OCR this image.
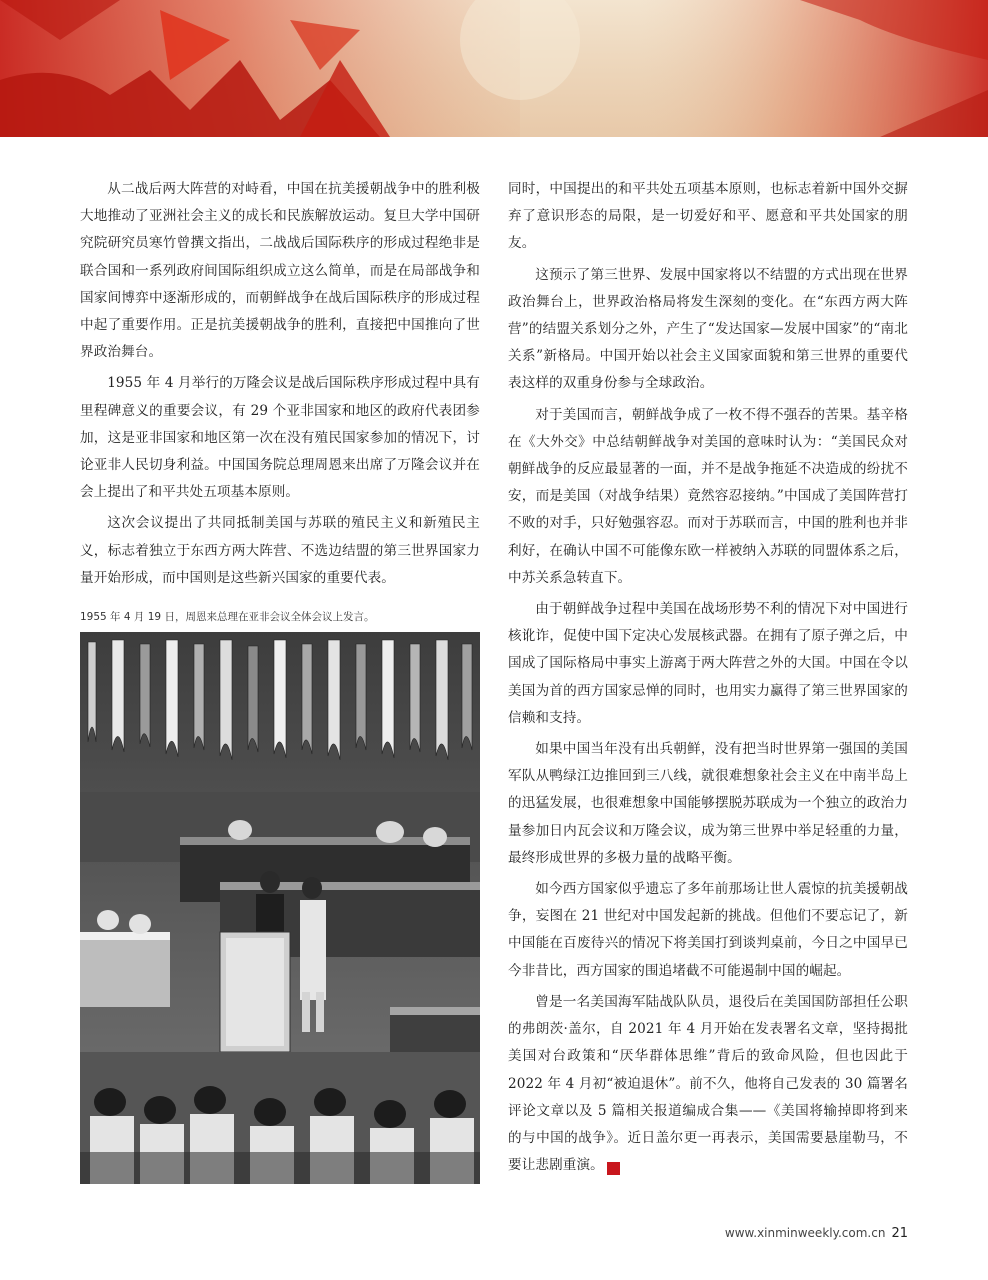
从二战后两大阵营的对峙看，中国在抗美援朝战争中的胜利极大地推动了亚洲社会主义的成长和民族解放运动。复旦大学中国研究院研究员寒竹曾撰文指出，二战战后国际秩序的形成过程绝非是联合国和一系列政府间国际组织成立这么简单，而是在局部战争和国家间博弈中逐渐形成的，而朝鲜战争在战后国际秩序的形成过程中起了重要作用。正是抗美援朝战争的胜利，直接把中国推向了世界政治舞台。

1955 年 4 月举行的万隆会议是战后国际秩序形成过程中具有里程碑意义的重要会议，有 29 个亚非国家和地区的政府代表团参加，这是亚非国家和地区第一次在没有殖民国家参加的情况下，讨论亚非人民切身利益。中国国务院总理周恩来出席了万隆会议并在会上提出了和平共处五项基本原则。

这次会议提出了共同抵制美国与苏联的殖民主义和新殖民主义，标志着独立于东西方两大阵营、不选边结盟的第三世界国家力量开始形成，而中国则是这些新兴国家的重要代表。

1955 年 4 月 19 日，周恩来总理在亚非会议全体会议上发言。

同时，中国提出的和平共处五项基本原则，也标志着新中国外交摒弃了意识形态的局限，是一切爱好和平、愿意和平共处国家的朋友。

这预示了第三世界、发展中国家将以不结盟的方式出现在世界政治舞台上，世界政治格局将发生深刻的变化。在“东西方两大阵营”的结盟关系划分之外，产生了“发达国家—发展中国家”的“南北关系”新格局。中国开始以社会主义国家面貌和第三世界的重要代表这样的双重身份参与全球政治。

对于美国而言，朝鲜战争成了一枚不得不强吞的苦果。基辛格在《大外交》中总结朝鲜战争对美国的意味时认为：“美国民众对朝鲜战争的反应最显著的一面，并不是战争拖延不决造成的纷扰不安，而是美国（对战争结果）竟然容忍接纳。”中国成了美国阵营打不败的对手，只好勉强容忍。而对于苏联而言，中国的胜利也并非利好，在确认中国不可能像东欧一样被纳入苏联的同盟体系之后，中苏关系急转直下。

由于朝鲜战争过程中美国在战场形势不利的情况下对中国进行核讹诈，促使中国下定决心发展核武器。在拥有了原子弹之后，中国成了国际格局中事实上游离于两大阵营之外的大国。中国在令以美国为首的西方国家忌惮的同时，也用实力赢得了第三世界国家的信赖和支持。

如果中国当年没有出兵朝鲜，没有把当时世界第一强国的美国军队从鸭绿江边推回到三八线，就很难想象社会主义在中南半岛上的迅猛发展，也很难想象中国能够摆脱苏联成为一个独立的政治力量参加日内瓦会议和万隆会议，成为第三世界中举足轻重的力量，最终形成世界的多极力量的战略平衡。

如今西方国家似乎遗忘了多年前那场让世人震惊的抗美援朝战争，妄图在 21 世纪对中国发起新的挑战。但他们不要忘记了，新中国能在百废待兴的情况下将美国打到谈判桌前，今日之中国早已今非昔比，西方国家的围追堵截不可能遏制中国的崛起。

曾是一名美国海军陆战队队员，退役后在美国国防部担任公职的弗朗茨·盖尔，自 2021 年 4 月开始在发表署名文章，坚持揭批美国对台政策和“厌华群体思维”背后的致命风险，但也因此于 2022 年 4 月初“被迫退休”。前不久，他将自己发表的 30 篇署名评论文章以及 5 篇相关报道编成合集——《美国将输掉即将到来的与中国的战争》。近日盖尔更一再表示，美国需要悬崖勒马，不要让悲剧重演。	民

www.xinminweekly.com.cn 21
